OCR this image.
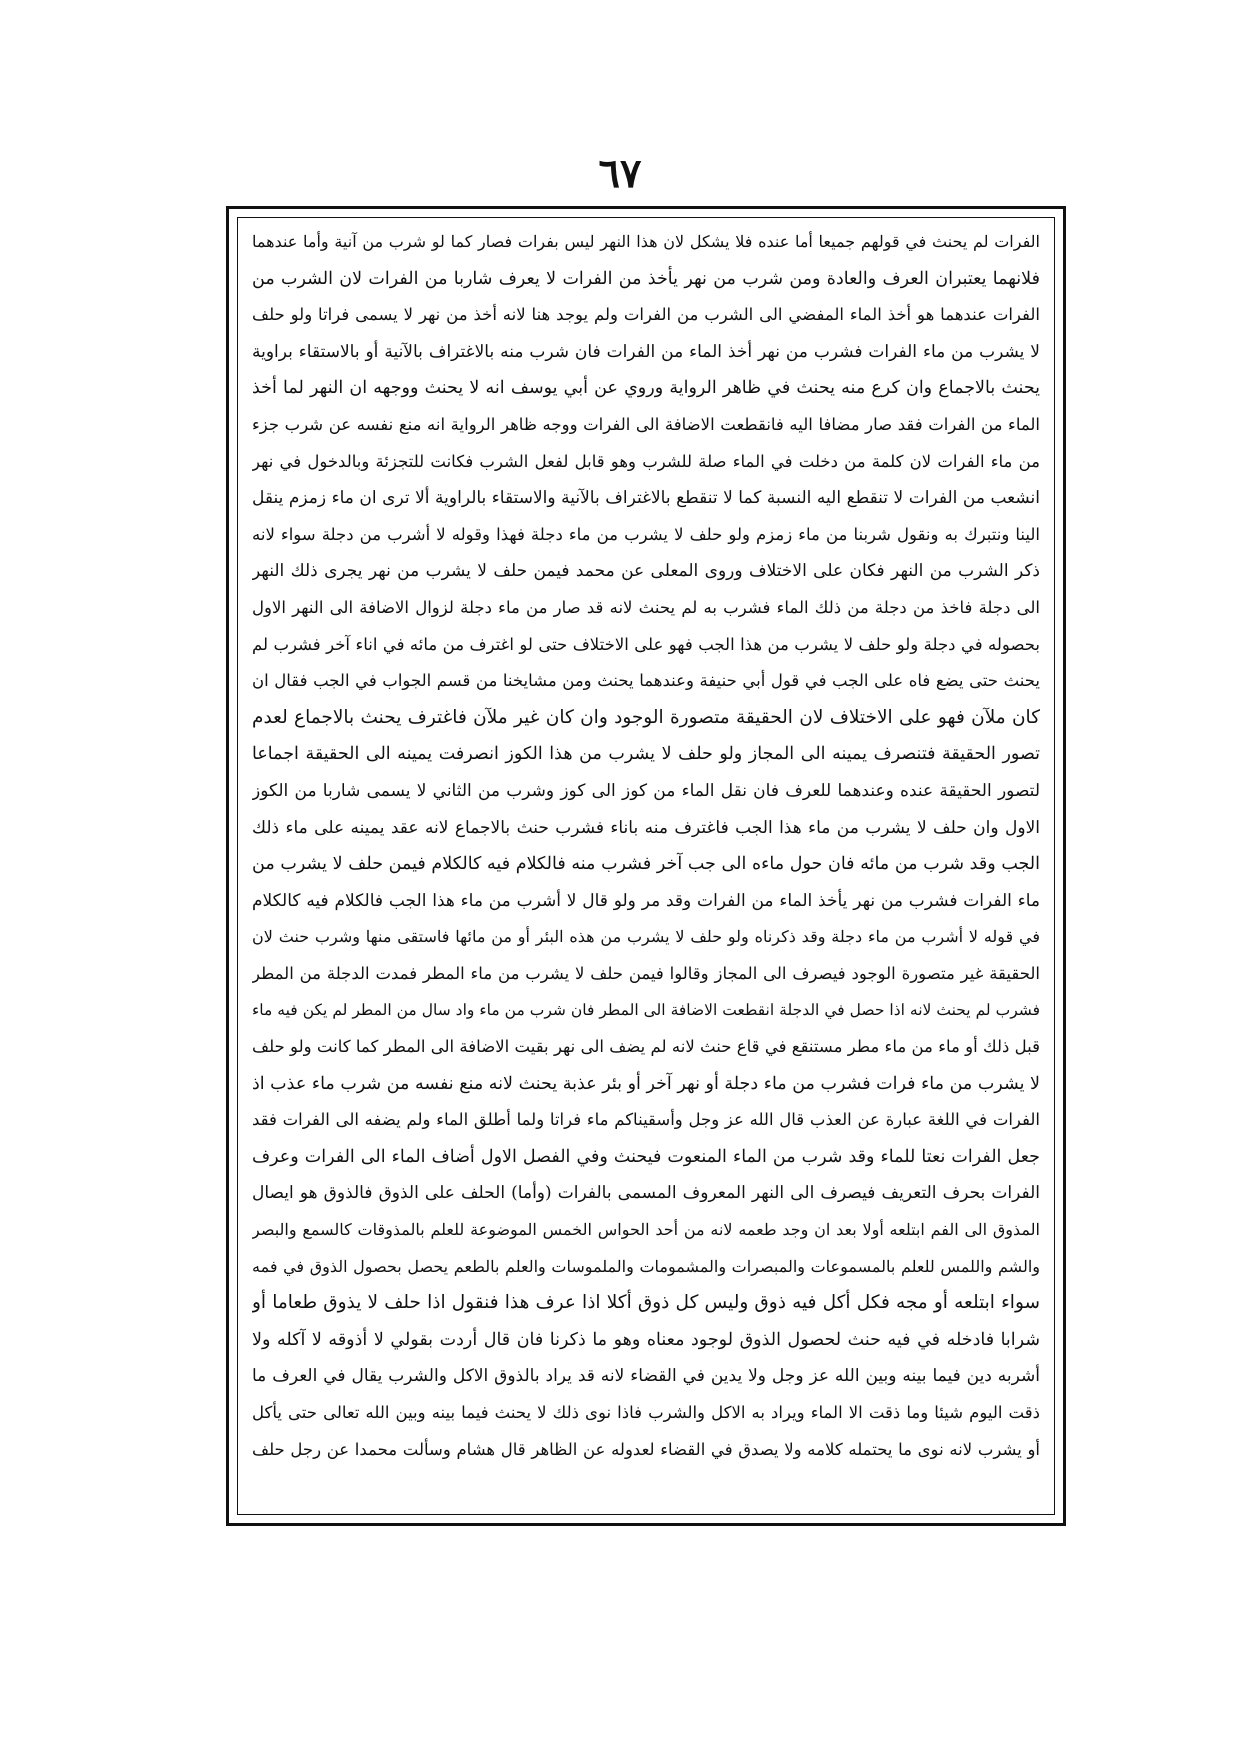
٦٧
الفرات لم يحنث في قولهم جميعا أما عنده فلا يشكل لان هذا النهر ليس بفرات فصار كما لو شرب من آنية وأما عندهما
فلانهما يعتبران العرف والعادة ومن شرب من نهر يأخذ من الفرات لا يعرف شاربا من الفرات لان الشرب من
الفرات عندهما هو أخذ الماء المفضي الى الشرب من الفرات ولم يوجد هنا لانه أخذ من نهر لا يسمى فراتا ولو حلف
لا يشرب من ماء الفرات فشرب من نهر أخذ الماء من الفرات فان شرب منه بالاغتراف بالآنية أو بالاستقاء براوية
يحنث بالاجماع وان كرع منه يحنث في ظاهر الرواية وروي عن أبي يوسف انه لا يحنث ووجهه ان النهر لما أخذ
الماء من الفرات فقد صار مضافا اليه فانقطعت الاضافة الى الفرات ووجه ظاهر الرواية انه منع نفسه عن شرب جزء
من ماء الفرات لان كلمة من دخلت في الماء صلة للشرب وهو قابل لفعل الشرب فكانت للتجزئة وبالدخول في نهر
انشعب من الفرات لا تنقطع اليه النسبة كما لا تنقطع بالاغتراف بالآنية والاستقاء بالراوية ألا ترى ان ماء زمزم ينقل
الينا ونتبرك به ونقول شربنا من ماء زمزم ولو حلف لا يشرب من ماء دجلة فهذا وقوله لا أشرب من دجلة سواء لانه
ذكر الشرب من النهر فكان على الاختلاف وروى المعلى عن محمد فيمن حلف لا يشرب من نهر يجرى ذلك النهر
الى دجلة فاخذ من دجلة من ذلك الماء فشرب به لم يحنث لانه قد صار من ماء دجلة لزوال الاضافة الى النهر الاول
بحصوله في دجلة ولو حلف لا يشرب من هذا الجب فهو على الاختلاف حتى لو اغترف من مائه في اناء آخر فشرب لم
يحنث حتى يضع فاه على الجب في قول أبي حنيفة وعندهما يحنث ومن مشايخنا من قسم الجواب في الجب فقال ان
كان ملآن فهو على الاختلاف لان الحقيقة متصورة الوجود وان كان غير ملآن فاغترف يحنث بالاجماع لعدم
تصور الحقيقة فتنصرف يمينه الى المجاز ولو حلف لا يشرب من هذا الكوز انصرفت يمينه الى الحقيقة اجماعا
لتصور الحقيقة عنده وعندهما للعرف فان نقل الماء من كوز الى كوز وشرب من الثاني لا يسمى شاربا من الكوز
الاول وان حلف لا يشرب من ماء هذا الجب فاغترف منه باناء فشرب حنث بالاجماع لانه عقد يمينه على ماء ذلك
الجب وقد شرب من مائه فان حول ماءه الى جب آخر فشرب منه فالكلام فيه كالكلام فيمن حلف لا يشرب من
ماء الفرات فشرب من نهر يأخذ الماء من الفرات وقد مر ولو قال لا أشرب من ماء هذا الجب فالكلام فيه كالكلام
في قوله لا أشرب من ماء دجلة وقد ذكرناه ولو حلف لا يشرب من هذه البئر أو من مائها فاستقى منها وشرب حنث لان
الحقيقة غير متصورة الوجود فيصرف الى المجاز وقالوا فيمن حلف لا يشرب من ماء المطر فمدت الدجلة من المطر
فشرب لم يحنث لانه اذا حصل في الدجلة انقطعت الاضافة الى المطر فان شرب من ماء واد سال من المطر لم يكن فيه ماء
قبل ذلك أو ماء من ماء مطر مستنقع في قاع حنث لانه لم يضف الى نهر بقيت الاضافة الى المطر كما كانت ولو حلف
لا يشرب من ماء فرات فشرب من ماء دجلة أو نهر آخر أو بئر عذبة يحنث لانه منع نفسه من شرب ماء عذب اذ
الفرات في اللغة عبارة عن العذب قال الله عز وجل وأسقيناكم ماء فراتا ولما أطلق الماء ولم يضفه الى الفرات فقد
جعل الفرات نعتا للماء وقد شرب من الماء المنعوت فيحنث وفي الفصل الاول أضاف الماء الى الفرات وعرف
الفرات بحرف التعريف فيصرف الى النهر المعروف المسمى بالفرات (وأما) الحلف على الذوق فالذوق هو ايصال
المذوق الى الفم ابتلعه أولا بعد ان وجد طعمه لانه من أحد الحواس الخمس الموضوعة للعلم بالمذوقات كالسمع والبصر
والشم واللمس للعلم بالمسموعات والمبصرات والمشمومات والملموسات والعلم بالطعم يحصل بحصول الذوق في فمه
سواء ابتلعه أو مجه فكل أكل فيه ذوق وليس كل ذوق أكلا اذا عرف هذا فنقول اذا حلف لا يذوق طعاما أو
شرابا فادخله في فيه حنث لحصول الذوق لوجود معناه وهو ما ذكرنا فان قال أردت بقولي لا أذوقه لا آكله ولا
أشربه دين فيما بينه وبين الله عز وجل ولا يدين في القضاء لانه قد يراد بالذوق الاكل والشرب يقال في العرف ما
ذقت اليوم شيئا وما ذقت الا الماء ويراد به الاكل والشرب فاذا نوى ذلك لا يحنث فيما بينه وبين الله تعالى حتى يأكل
أو يشرب لانه نوى ما يحتمله كلامه ولا يصدق في القضاء لعدوله عن الظاهر قال هشام وسألت محمدا عن رجل حلف
